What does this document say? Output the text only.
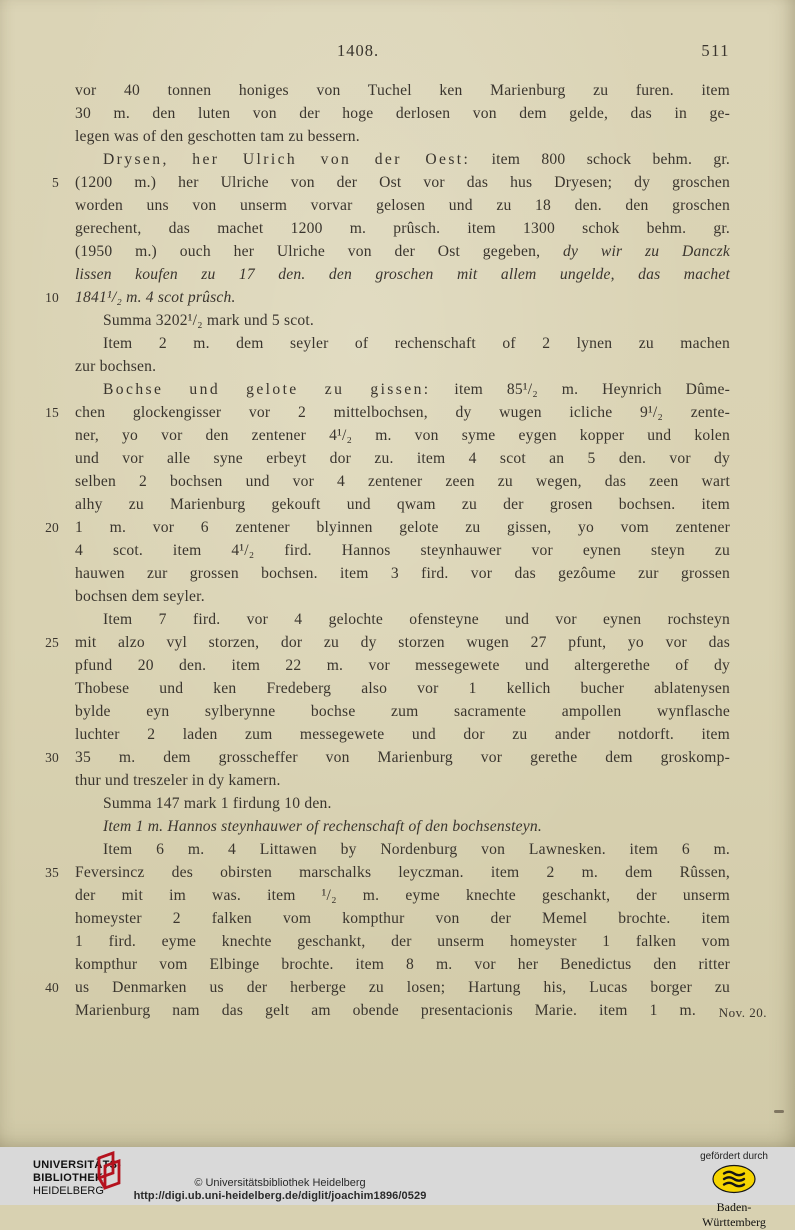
1408.	511
vor 40 tonnen honiges von Tuchel ken Marienburg zu furen. item
30 m. den luten von der hoge derlosen von dem gelde, das in ge-
legen was of den geschotten tam zu bessern.
Drysen, her Ulrich von der Oest: item 800 schock behm. gr.
5 (1200 m.) her Ulriche von der Ost vor das hus Dryesen; dy groschen
worden uns von unserm vorvar gelosen und zu 18 den. den groschen
gerechent, das machet 1200 m. prûsch. item 1300 schok behm. gr.
(1950 m.) ouch her Ulriche von der Ost gegeben, dy wir zu Danczk
lissen koufen zu 17 den. den groschen mit allem ungelde, das machet
10 1841¹/₂ m. 4 scot prûsch.
Summa 3202¹/₂ mark und 5 scot.
Item 2 m. dem seyler of rechenschaft of 2 lynen zu machen
zur bochsen.
Bochse und gelote zu gissen: item 85¹/₂ m. Heynrich Dûme-
15 chen glockengisser vor 2 mittelbochsen, dy wugen icliche 9¹/₂ zente-
ner, yo vor den zentener 4¹/₂ m. von syme eygen kopper und kolen
und vor alle syne erbeyt dor zu. item 4 scot an 5 den. vor dy
selben 2 bochsen und vor 4 zentener zeen zu wegen, das zeen wart
alhy zu Marienburg gekouft und qwam zu der grosen bochsen. item
20 1 m. vor 6 zentener blyinnen gelote zu gissen, yo vom zentener
4 scot. item 4¹/₂ fird. Hannos steynhauwer vor eynen steyn zu
hauwen zur grossen bochsen. item 3 fird. vor das gezôume zur grossen
bochsen dem seyler.
Item 7 fird. vor 4 gelochte ofensteyne und vor eynen rochsteyn
25 mit alzo vyl storzen, dor zu dy storzen wugen 27 pfunt, yo vor das
pfund 20 den. item 22 m. vor messegewete und altergerethe of dy
Thobese und ken Fredeberg also vor 1 kellich bucher ablatenysen
bylde eyn sylberynne bochse zum sacramente ampollen wynflasche
luchter 2 laden zum messegewete und dor zu ander notdorft. item
30 35 m. dem grosscheffer von Marienburg vor gerethe dem groskomp-
thur und treszeler in dy kamern.
Summa 147 mark 1 firdung 10 den.
Item 1 m. Hannos steynhauwer of rechenschaft of den bochsensteyn.
Item 6 m. 4 Littawen by Nordenburg von Lawnesken. item 6 m.
35 Feversincz des obirsten marschalks leyczman. item 2 m. dem Rûssen,
der mit im was. item ¹/₂ m. eyme knechte geschankt, der unserm
homeyster 2 falken vom kompthur von der Memel brochte. item
1 fird. eyme knechte geschankt, der unserm homeyster 1 falken vom
kompthur vom Elbinge brochte. item 8 m. vor her Benedictus den ritter
40 us Denmarken us der herberge zu losen; Hartung his, Lucas borger zu
Marienburg nam das gelt am obende presentacionis Marie. item 1 m.	Nov. 20.
UNIVERSITÄTS-
BIBLIOTHEK
HEIDELBERG
© Universitätsbibliothek Heidelberg
http://digi.ub.uni-heidelberg.de/diglit/joachim1896/0529
gefördert durch
Baden-Württemberg
